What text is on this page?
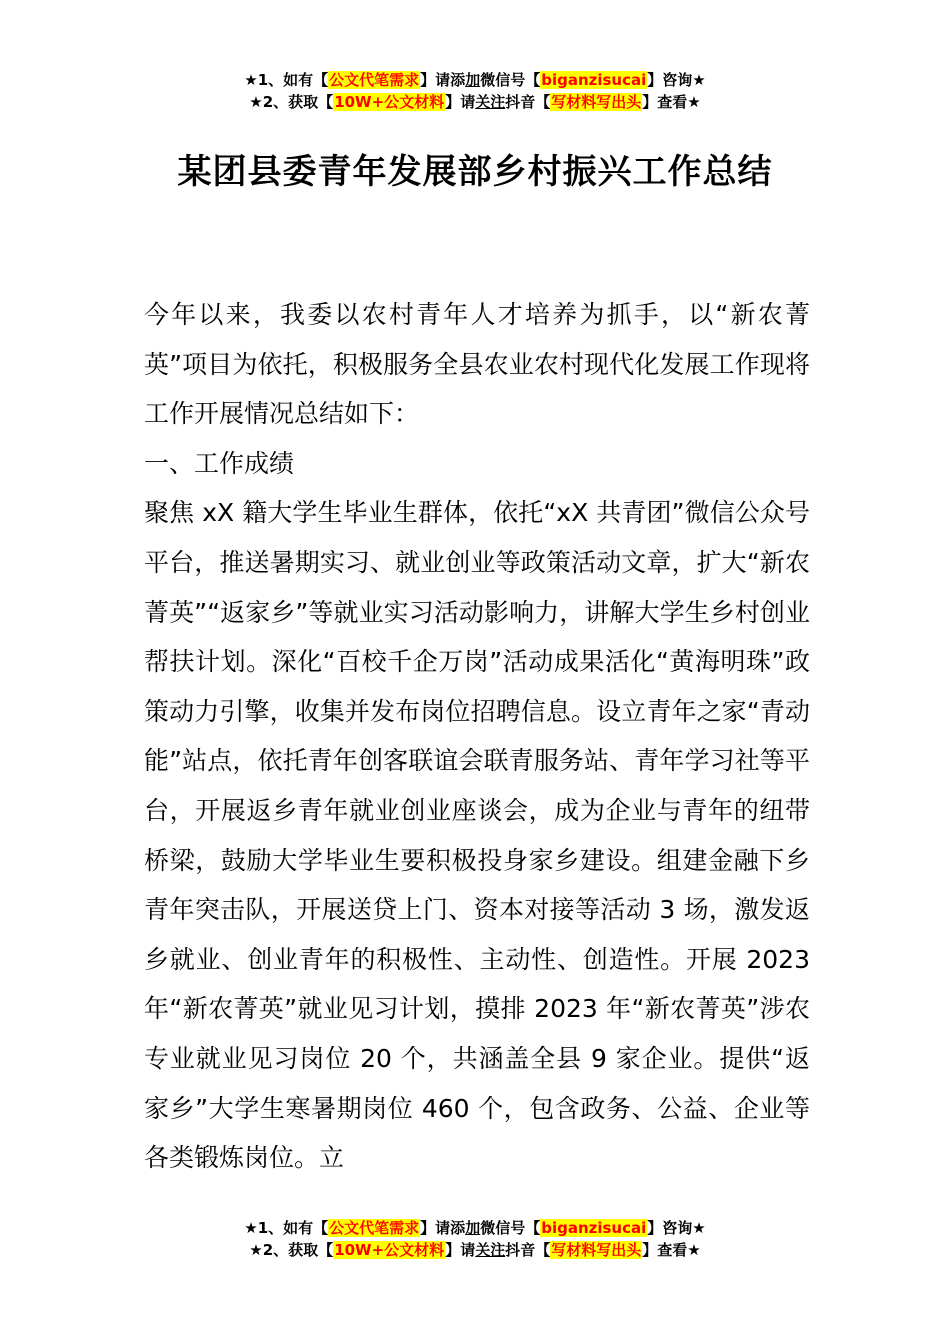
★1、如有【公文代笔需求】请添加微信号【biganzisucai】咨询★
★2、获取【10W+公文材料】请关注抖音【写材料写出头】查看★
某团县委青年发展部乡村振兴工作总结

今年以来，我委以农村青年人才培养为抓手，以“新农菁英”项目为依托，积极服务全县农业农村现代化发展工作现将工作开展情况总结如下：

一、工作成绩

聚焦 xX 籍大学生毕业生群体，依托“xX 共青团”微信公众号平台，推送暑期实习、就业创业等政策活动文章，扩大“新农菁英”“返家乡”等就业实习活动影响力，讲解大学生乡村创业帮扶计划。深化“百校千企万岗”活动成果活化“黄海明珠”政策动力引擎，收集并发布岗位招聘信息。设立青年之家“青动能”站点，依托青年创客联谊会联青服务站、青年学习社等平台，开展返乡青年就业创业座谈会，成为企业与青年的纽带桥梁，鼓励大学毕业生要积极投身家乡建设。组建金融下乡青年突击队，开展送贷上门、资本对接等活动 3 场，激发返乡就业、创业青年的积极性、主动性、创造性。开展 2023 年“新农菁英”就业见习计划，摸排 2023 年“新农菁英”涉农专业就业见习岗位 20 个，共涵盖全县 9 家企业。提供“返家乡”大学生寒暑期岗位 460 个，包含政务、公益、企业等各类锻炼岗位。立

★1、如有【公文代笔需求】请添加微信号【biganzisucai】咨询★
★2、获取【10W+公文材料】请关注抖音【写材料写出头】查看★
